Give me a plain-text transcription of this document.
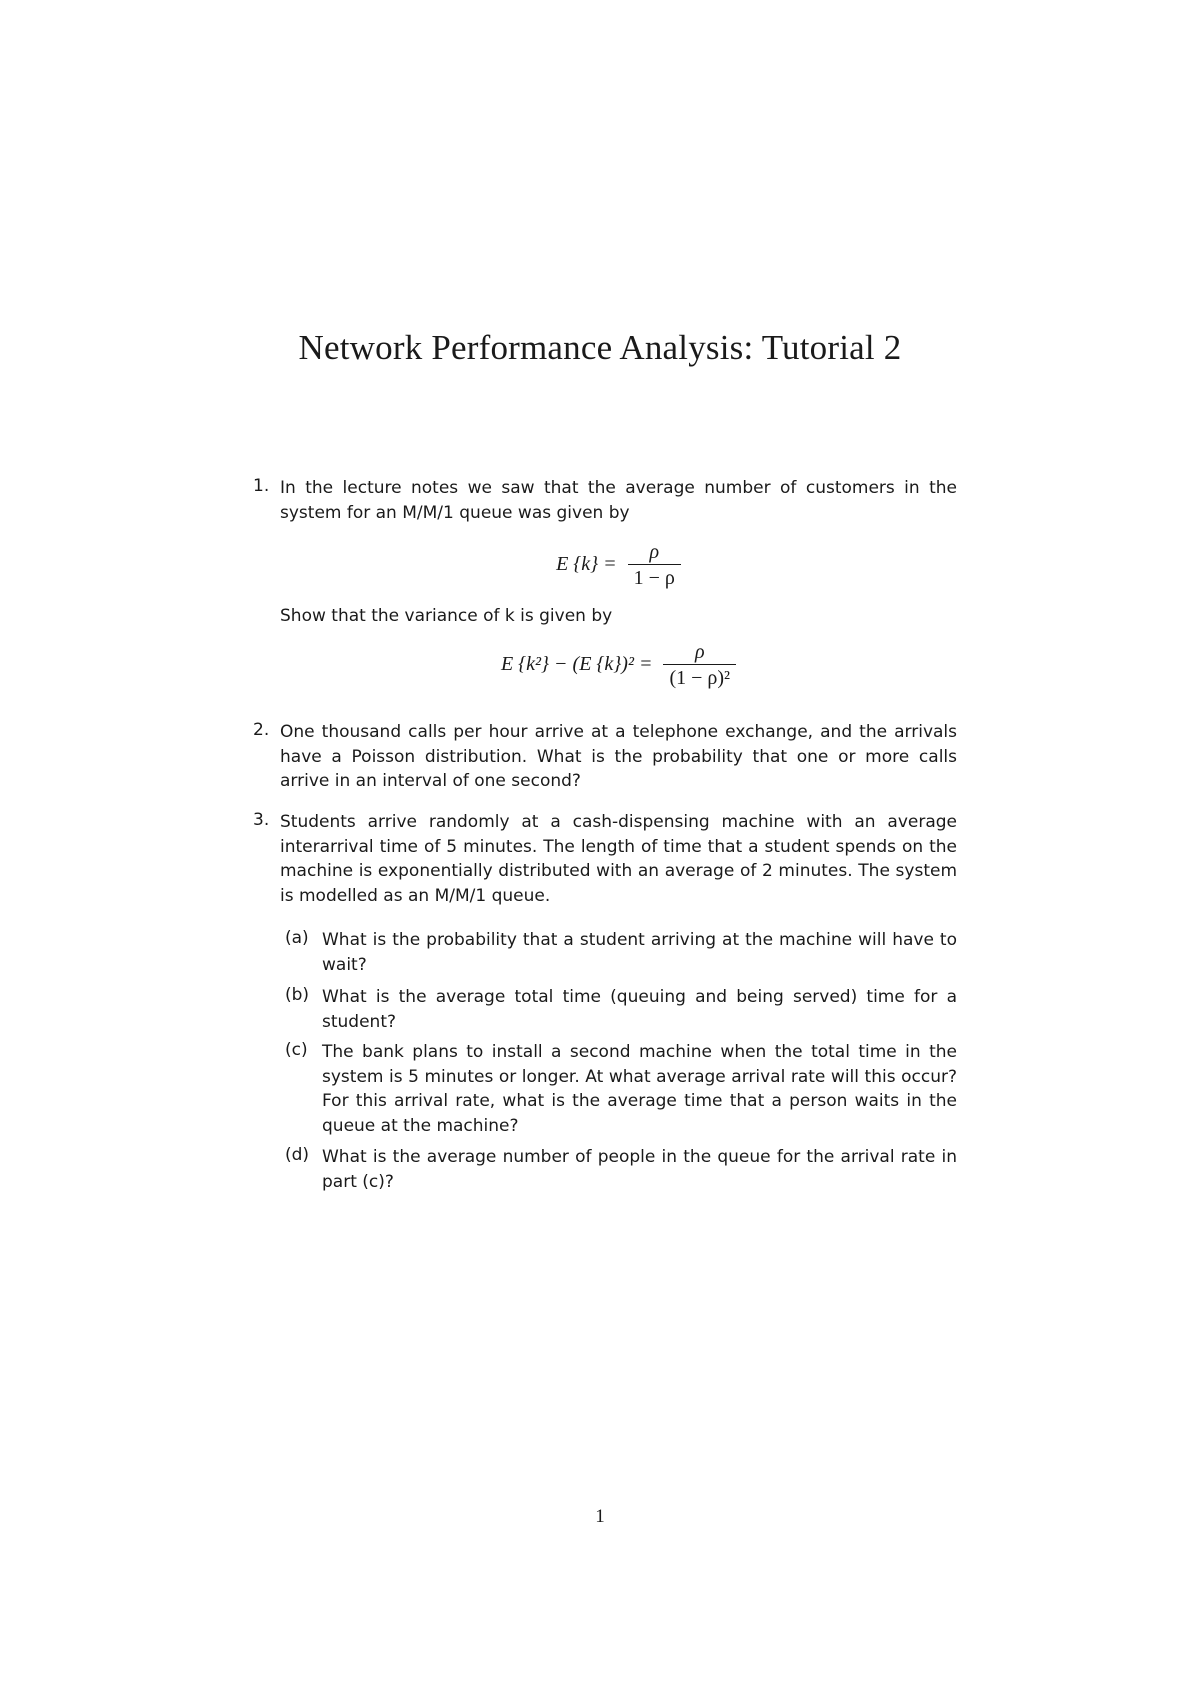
Network Performance Analysis: Tutorial 2
1. In the lecture notes we saw that the average number of customers in the system for an M/M/1 queue was given by
E $\{k\} = \frac{\rho}{1 - \rho}$
Show that the variance of k is given by
E {k²} − (E $\{k\})^2 = \frac{\rho}{\text{(1 − ρ)²}}$
2. One thousand calls per hour arrive at a telephone exchange, and the arrivals have a Poisson distribution. What is the probability that one or more calls arrive in an interval of one second?
3. Students arrive randomly at a cash-dispensing machine with an average interarrival time of 5 minutes. The length of time that a student spends on the machine is exponentially distributed with an average of 2 minutes. The system is modelled as an M/M/1 queue.
(a) What is the probability that a student arriving at the machine will have to wait?
(b) What is the average total time (queuing and being served) time for a student?
(c) The bank plans to install a second machine when the total time in the system is 5 minutes or longer. At what average arrival rate will this occur? For this arrival rate, what is the average time that a person waits in the queue at the machine?
(d) What is the average number of people in the queue for the arrival rate in part (c)?
1
